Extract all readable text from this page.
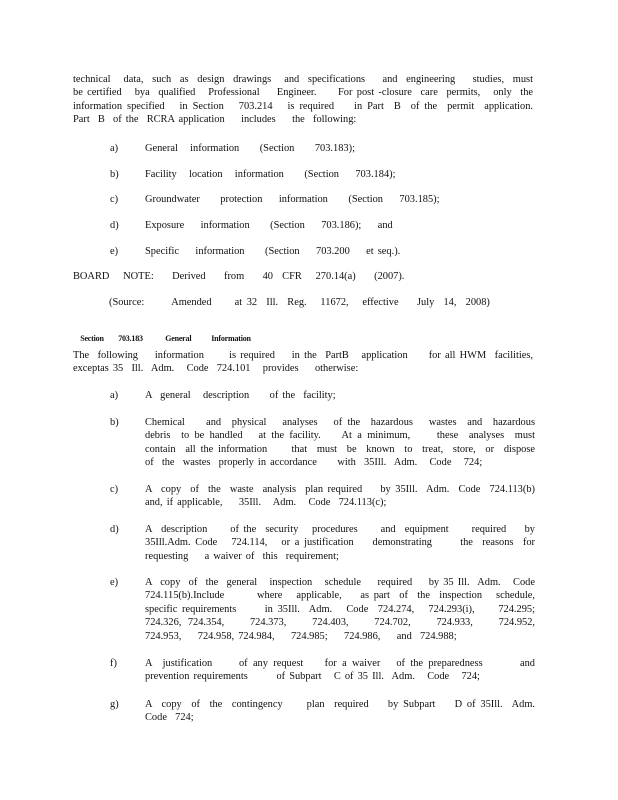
technical   data,  such  as  design  drawings   and  specifications    and  engineering    studies,  must   be certified   bya  qualified   Professional    Engineer.     For post -closure  care  permits,   only  the  information specified   in Section   703.214   is required    in Part  B  of the  permit  application.   Part  B  of the  RCRA application    includes    the  following:
a)	General   information     (Section     703.183);
b)	Facility   location   information     (Section    703.184);
c)	Groundwater     protection    information     (Section    703.185);
d)	Exposure    information     (Section    703.186);    and
e)	Specific    information     (Section    703.200    et seq.).
BOARD   NOTE:    Derived    from    40  CFR   270.14(a)    (2007).
(Source:      Amended     at 32  Ill.  Reg.   11672,   effective    July  14,  2008)

Section 703.183	General Information

The  following    information      is required    in the  PartB   application     for all HWM  facilities,   exceptas 35  Ill.  Adm.   Code  724.101   provides    otherwise:
a)	A  general   description     of the  facility;
b)	Chemical    and  physical   analyses   of the  hazardous   wastes  and  hazardous   debris  to be handled   at the facility.    At a minimum,     these  analyses  must  contain  all the information     that  must  be  known  to  treat,  store,  or  dispose   of  the  wastes  properly in accordance     with  35Ill.  Adm.   Code   724;
c)	A  copy  of  the  waste  analysis  plan required    by 35Ill.  Adm.  Code  724.113(b)    and, if applicable,    35Ill.   Adm.   Code  724.113(c);
d)	A  description     of the  security   procedures     and  equipment     required    by 35Ill.Adm. Code   724.114,   or a justification    demonstrating      the  reasons  for requesting    a waiver of  this  requirement;
e)	A  copy  of  the  general   inspection   schedule    required    by 35 Ill.  Adm.   Code 724.115(b).Include       where   applicable,    as part  of  the  inspection   schedule,    specific requirements      in 35Ill.  Adm.   Code  724.274,   724.293(i),     724.295;    724.326, 724.354,    724.373,    724.403,    724.702,    724.933,    724.952,    724.953,    724.958, 724.984,    724.985;    724.986,    and  724.988;
f)	A  justification     of any request    for a waiver   of the preparedness       and   prevention requirements       of Subpart   C of 35 Ill.  Adm.   Code   724;
g)	A  copy  of  the  contingency     plan  required    by Subpart    D of 35Ill.  Adm.   Code  724;
